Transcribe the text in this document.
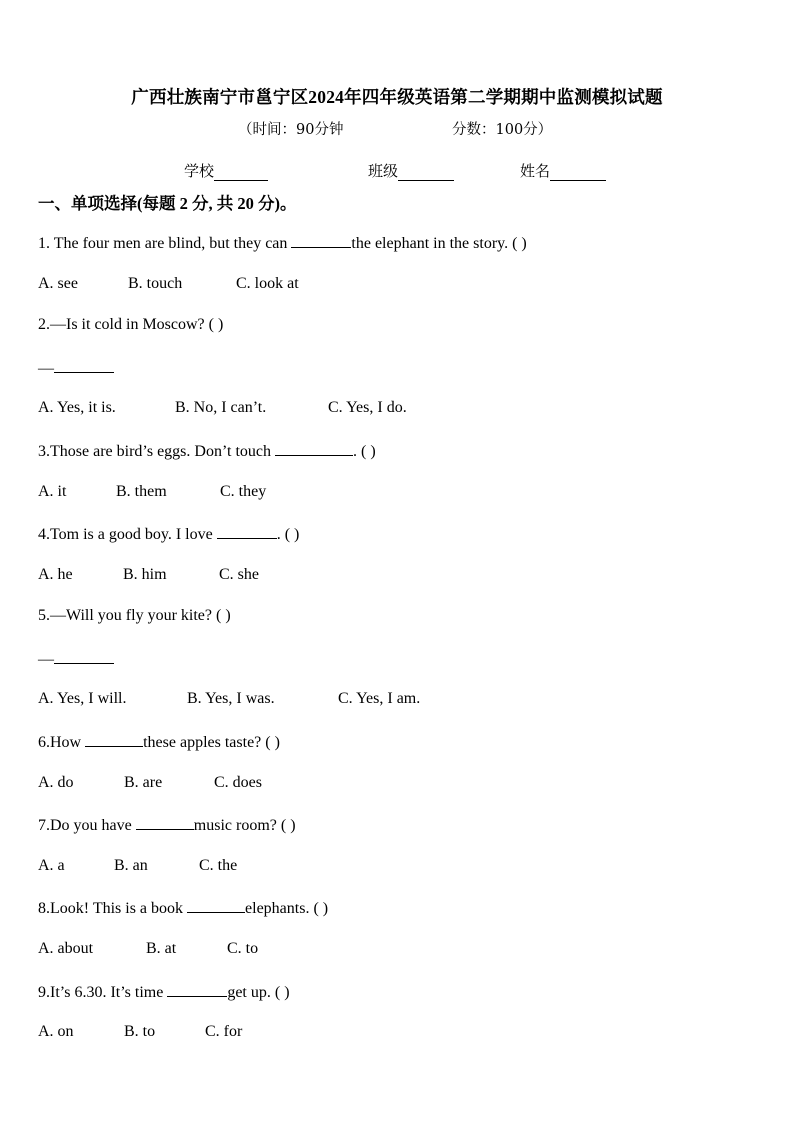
广西壮族南宁市邕宁区2024年四年级英语第二学期期中监测模拟试题
（时间：90分钟	分数：100分）
学校	班级	姓名
一、单项选择(每题 2 分, 共 20 分)。
1. The four men are blind, but they can	the elephant in the story. ( )
A. see	B. touch	C. look at
2.—Is it cold in Moscow? ( )
—
A. Yes, it is.	B. No, I can’t.	C. Yes, I do.
3.Those are bird’s eggs. Don’t touch	. ( )
A. it	B. them	C. they
4.Tom is a good boy. I love	. ( )
A. he	B. him	C. she
5.—Will you fly your kite? ( )
—
A. Yes, I will.	B. Yes, I was.	C. Yes, I am.
6.How	these apples taste? ( )
A. do	B. are	C. does
7.Do you have	music room? ( )
A. a	B. an	C. the
8.Look! This is a book	elephants. ( )
A. about	B. at	C. to
9.It’s 6.30. It’s time	get up. ( )
A. on	B. to	C. for
